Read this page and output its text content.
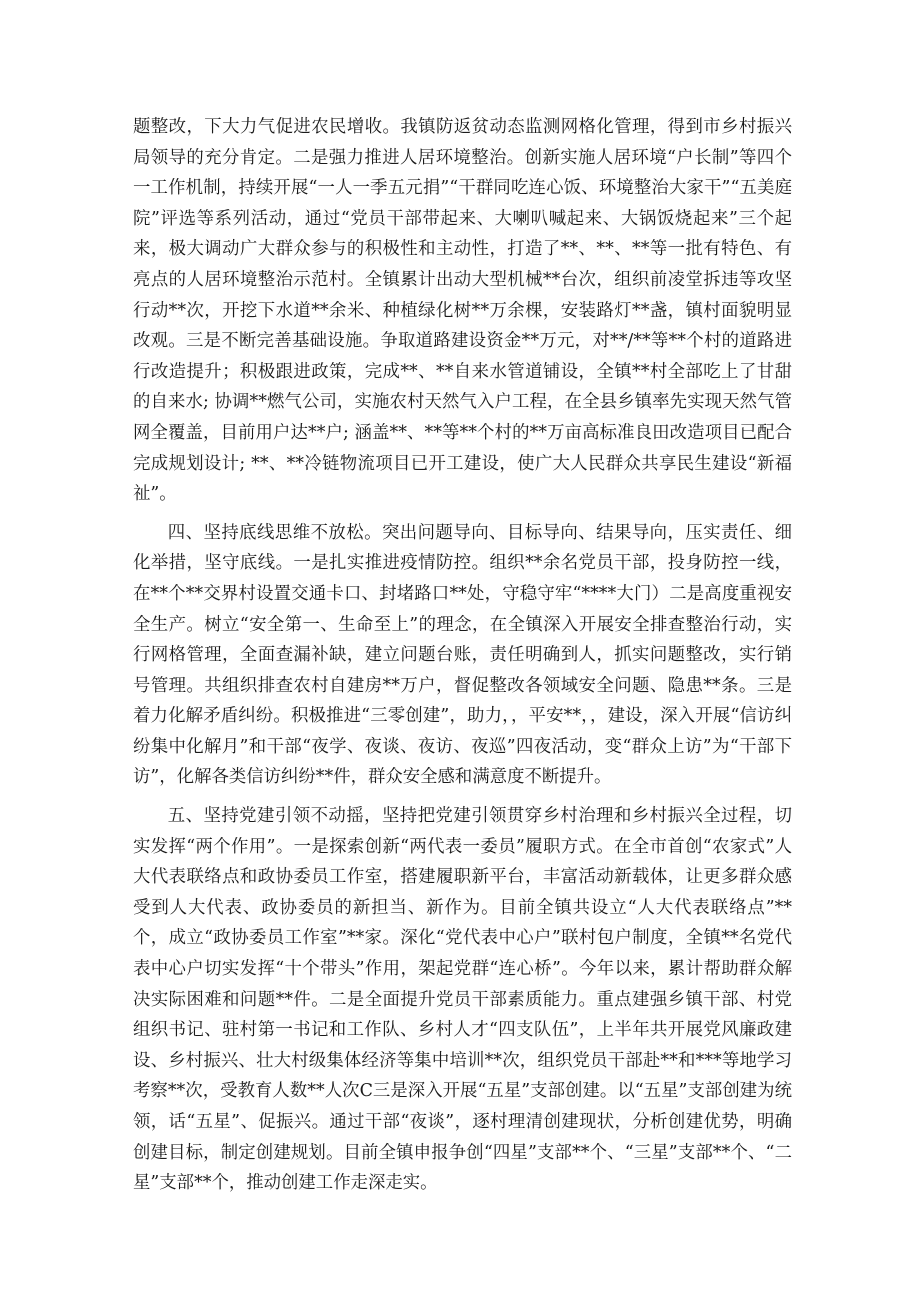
题整改，下大力气促进农民增收。我镇防返贫动态监测网格化管理，得到市乡村振兴局领导的充分肯定。二是强力推进人居环境整治。创新实施人居环境“户长制”等四个一工作机制，持续开展“一人一季五元捐”“干群同吃连心饭、环境整治大家干”“五美庭院”评选等系列活动，通过“党员干部带起来、大喇叭喊起来、大锅饭烧起来”三个起来，极大调动广大群众参与的积极性和主动性，打造了**、**、**等一批有特色、有亮点的人居环境整治示范村。全镇累计出动大型机械**台次，组织前凌堂拆违等攻坚行动**次，开挖下水道**余米、种植绿化树**万余棵，安装路灯**盏，镇村面貌明显改观。三是不断完善基础设施。争取道路建设资金**万元，对**/**等**个村的道路进行改造提升；积极跟进政策，完成**、**自来水管道铺设，全镇**村全部吃上了甘甜的自来水; 协调**燃气公司，实施农村天然气入户工程，在全县乡镇率先实现天然气管网全覆盖，目前用户达**户; 涵盖**、**等**个村的**万亩高标准良田改造项目已配合完成规划设计; **、**冷链物流项目已开工建设，使广大人民群众共享民生建设“新福祉”。

四、坚持底线思维不放松。突出问题导向、目标导向、结果导向，压实责任、细化举措，坚守底线。一是扎实推进疫情防控。组织**余名党员干部，投身防控一线，在**个**交界村设置交通卡口、封堵路口**处，守稳守牢“****大门）二是高度重视安全生产。树立“安全第一、生命至上”的理念，在全镇深入开展安全排查整治行动，实行网格管理，全面查漏补缺，建立问题台账，责任明确到人，抓实问题整改，实行销号管理。共组织排查农村自建房**万户，督促整改各领域安全问题、隐患**条。三是着力化解矛盾纠纷。积极推进“三零创建”，助力，，平安**，，建设，深入开展“信访纠纷集中化解月”和干部“夜学、夜谈、夜访、夜巡”四夜活动，变“群众上访”为“干部下访”，化解各类信访纠纷**件，群众安全感和满意度不断提升。

五、坚持党建引领不动摇，坚持把党建引领贯穿乡村治理和乡村振兴全过程，切实发挥“两个作用”。一是探索创新“两代表一委员”履职方式。在全市首创“农家式”人大代表联络点和政协委员工作室，搭建履职新平台，丰富活动新载体，让更多群众感受到人大代表、政协委员的新担当、新作为。目前全镇共设立“人大代表联络点”**个，成立“政协委员工作室”**家。深化“党代表中心户”联村包户制度，全镇**名党代表中心户切实发挥“十个带头”作用，架起党群“连心桥”。今年以来，累计帮助群众解决实际困难和问题**件。二是全面提升党员干部素质能力。重点建强乡镇干部、村党组织书记、驻村第一书记和工作队、乡村人才“四支队伍”，上半年共开展党风廉政建设、乡村振兴、壮大村级集体经济等集中培训**次，组织党员干部赴**和***等地学习考察**次，受教育人数**人次C三是深入开展“五星”支部创建。以“五星”支部创建为统领，话“五星”、促振兴。通过干部“夜谈”，逐村理清创建现状，分析创建优势，明确创建目标，制定创建规划。目前全镇申报争创“四星”支部**个、“三星”支部**个、“二星”支部**个，推动创建工作走深走实。
